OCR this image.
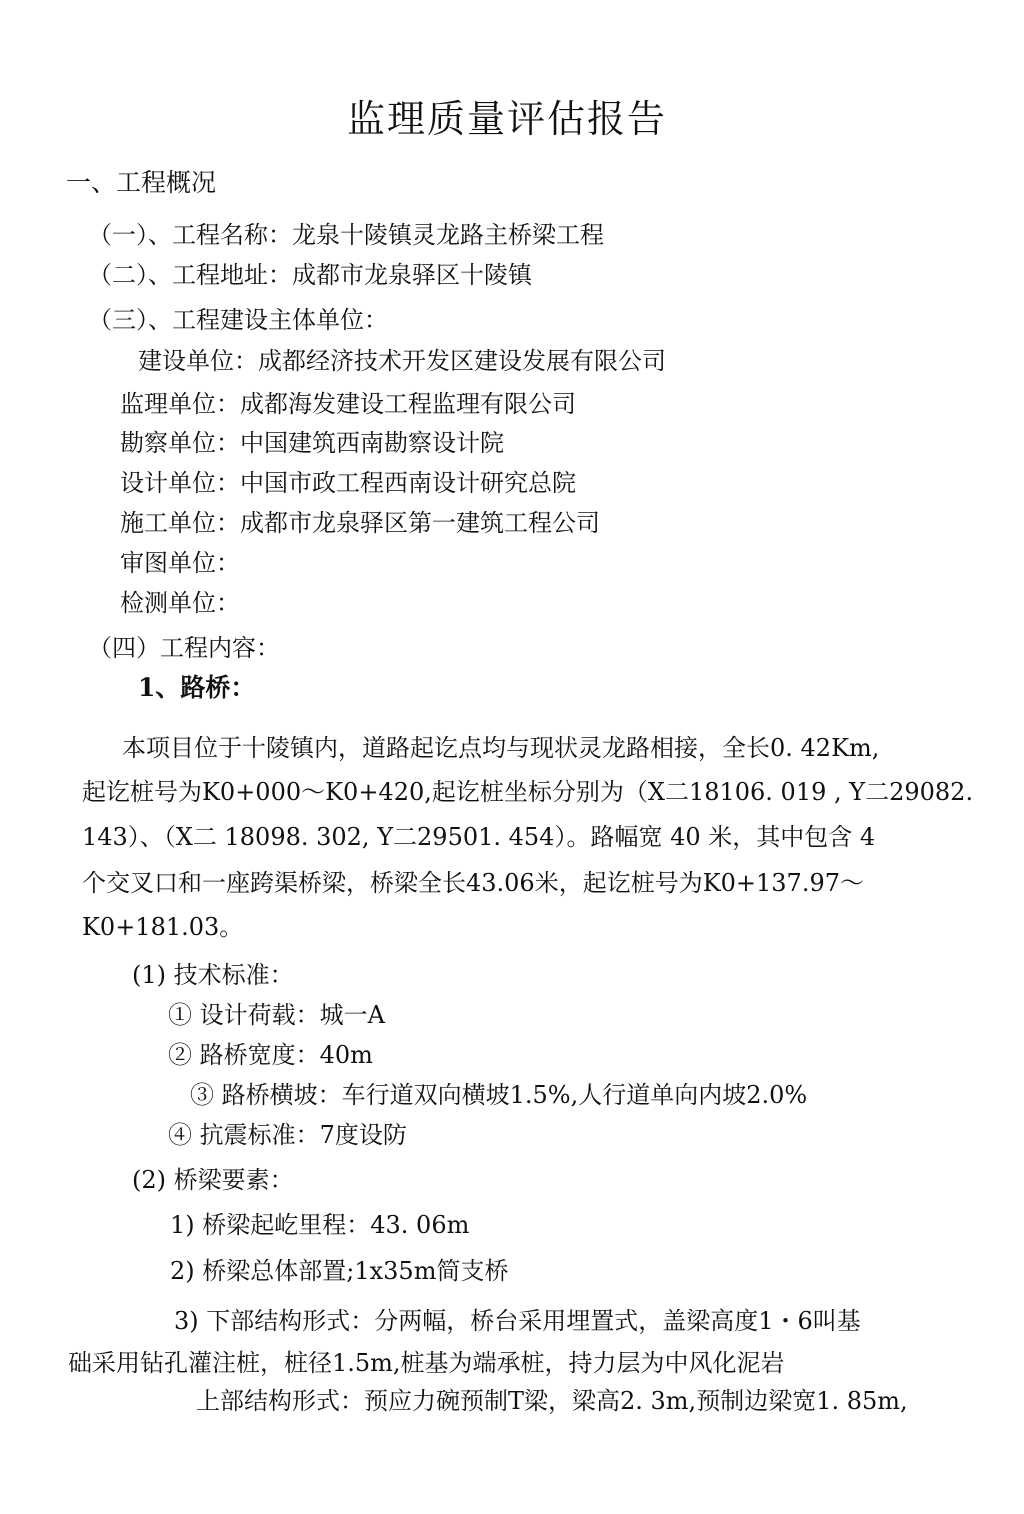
监理质量评估报告
一、工程概况
（一）、工程名称：龙泉十陵镇灵龙路主桥梁工程
（二）、工程地址：成都市龙泉驿区十陵镇
（三）、工程建设主体单位：
建设单位：成都经济技术开发区建设发展有限公司
监理单位：成都海发建设工程监理有限公司
勘察单位：中国建筑西南勘察设计院
设计单位：中国市政工程西南设计研究总院
施工单位：成都市龙泉驿区第一建筑工程公司
审图单位：
检测单位：
（四）工程内容：
1、路桥：
本项目位于十陵镇内，道路起讫点均与现状灵龙路相接，全长0. 42Km,
起讫桩号为K0+000～K0+420,起讫桩坐标分别为（X二18106. 019 , Y二29082.
143）、（X二 18098. 302, Y二29501. 454）。路幅宽 40 米，其中包含 4
个交叉口和一座跨渠桥梁，桥梁全长43.06米，起讫桩号为K0+137.97～
K0+181.03。
(1) 技术标准：
① 设计荷载：城一A
② 路桥宽度：40m
③ 路桥横坡：车行道双向横坡1.5%,人行道单向内坡2.0%
④ 抗震标准：7度设防
(2) 桥梁要素：
1) 桥梁起屹里程：43. 06m
2) 桥梁总体部置;1x35m简支桥
3) 下部结构形式：分两幅，桥台采用埋置式，盖梁高度1・6叫基
础采用钻孔灌注桩，桩径1.5m,桩基为端承桩，持力层为中风化泥岩
上部结构形式：预应力碗预制T梁，梁高2. 3m,预制边梁宽1. 85m,
